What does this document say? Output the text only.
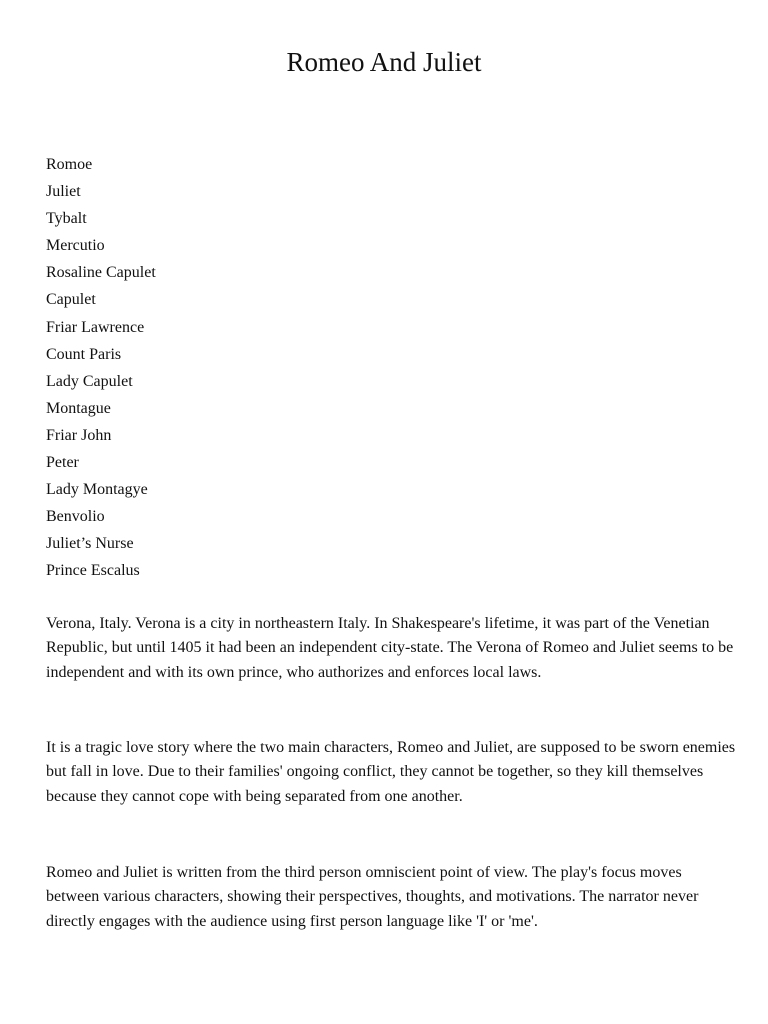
Romeo And Juliet
Romoe
Juliet
Tybalt
Mercutio
Rosaline Capulet
Capulet
Friar Lawrence
Count Paris
Lady Capulet
Montague
Friar John
Peter
Lady Montagye
Benvolio
Juliet’s Nurse
Prince Escalus

Verona, Italy. Verona is a city in northeastern Italy. In Shakespeare's lifetime, it was part of the Venetian Republic, but until 1405 it had been an independent city-state. The Verona of Romeo and Juliet seems to be independent and with its own prince, who authorizes and enforces local laws.

It is a tragic love story where the two main characters, Romeo and Juliet, are supposed to be sworn enemies but fall in love. Due to their families' ongoing conflict, they cannot be together, so they kill themselves because they cannot cope with being separated from one another.

Romeo and Juliet is written from the third person omniscient point of view. The play's focus moves between various characters, showing their perspectives, thoughts, and motivations. The narrator never directly engages with the audience using first person language like 'I' or 'me'.
